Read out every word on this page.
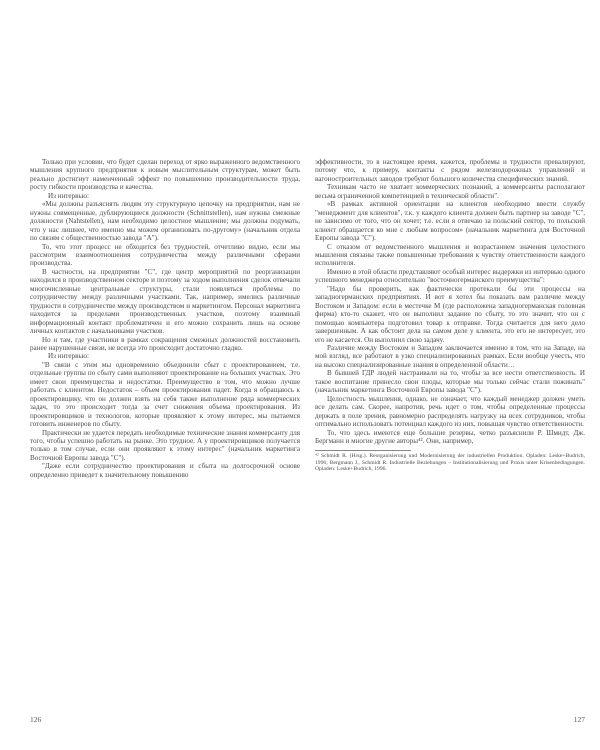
Только при условии, что будет сделан переход от ярко выраженного ведомственного мышления крупного предприятия к новым мыслительным структурам, может быть реально достигнут наменченный эффект по повышению производительности труда, росту гибкости производства и качества.

Из интервью:

«Мы должны разъяснять людям эту структурную цепочку на предприятии, нам не нужны совмещенные, дублирующиеся должности (Schnittstellen), нам нужны смежные должности (Nahtstellen), нам необходимо целостное мышление; мы должны подумать, что у нас лишнее, что именно мы можем организовать по-другому» (начальник отдела по связям с общественностью завода "А").

То, что этот процесс не обходится без трудностей, отчетливо видно, если мы рассмотрим взаимоотношения сотрудничества между различными сферами производства.

В частности, на предприятии "С", где центр мероприятий по реорганизации находился в производственном секторе и поэтому за ходом выполнения сделок отвечали многочисленные центральные структуры, стали появляться проблемы по сотрудничеству между различными участками. Так, например, имелись различные трудности в сотрудничестве между производством и маркетингом. Персонал маркетинга находится за пределами производственных участков, поэтому взаимный информационный контакт проблематичен и его можно сохранить лишь на основе личных контактов с начальниками участков.

Но и там, где участники в рамках сокращения смежных должностей восстановить ранее нарушенные связи, не всегда это происходит достаточно гладко.

Из интервью:

"В связи с этим мы одновременно объединили сбыт с проектированием, т.е. отдельные группы по сбыту сами выполняют проектирование на больших участках. Это имеет свои преимущества и недостатки. Преимущество в том, что можно лучше работать с клиентом. Недостаток – объем проектирования падет. Когда я обращаюсь к проектировщику, что он должен взять на себя также выполнение ряда коммерческих задач, то это происходит тогда за счет снижения объема проектирования. Из проектировщиков и технологов, которые проявляют к этому интерес, мы пытаемся готовить инженеров по сбыту.

Практически не удается передать необходимые технические знания коммерсанту для того, чтобы успешно работать на рынке. Это трудное. А у проектировщиков получается только в том случае, если они проявляют к этому интерес" (начальник маркетинга Восточной Европы завода "С").

"Даже если сотрудничество проектирования и сбыта на долгосрочной основе определенно приведет к значительному повышению

126

эффективности, то в настоящее время, кажется, проблемы и трудности превалируют, потому что, к примеру, контакты с рядом железнодорожных управлений и вагоностроительных заводов требуют большого количества специфических знаний.

Техникам часто не хватает коммерческих познаний, а коммерсанты располагают весьма ограниченной компетенцией в технической области".

«В рамках активной ориентации на клиентов необходимо ввести службу "менеджмент для клиентов", т.к. у каждого клиента должен быть партнер на заводе "С", не зависимо от того, что он хочет; т.е. если я отвечаю за польский сектор, то польский клиент обращается ко мне с любым вопросом» (начальник маркетинга для Восточной Европы завода "С").

С отказом от ведомственного мышления и возрастанием значения целостного мышления связаны также повышенные требования к чувству ответственности каждого исполнителя.

Именно в этой области представляют особый интерес выдержки из интервью одного успешного менеджера относительно "восточногерманского преимущества":

"Надо бы проверить, как фактически протекали бы эти процессы на западногерманских предприятиях. И вот я хотел бы показать вам различие между Востоком и Западом: если в местечке М (где расположена западногерманская головная фирма) кто-то скажет, что он выполнил задание по сбыту, то это значит, что он с помощью компьютера подготовил товар к отправке. Тогда считается для него дело завершенным. А как обстоит дела на самом деле у клиента, это его не интересует, это его не касается. Он выполнил свою задачу.

Различие между Востоком и Западом заключается именно в том, что на Западе, на мой взгляд, все работают в узко специализированных рамках. Если вообще учесть, что на высоко специализированные знания в определенной области…

В бывшей ГДР людей настраивали на то, чтобы за все нести ответственность. И такое воспитание принесло свои плоды, которые мы только сейчас стали пожинать" (начальник маркетинга Восточной Европы завода "С").

Целостность мышления, однако, не означает, что каждый менеджер должен уметь все делать сам. Скорее, напротив, речь идет о том, чтобы определенные процессы держать в поле зрения, равномерно распределять нагрузку на всех сотрудников, чтобы оптимально использовать потенциал каждого из них, повышая чувство ответственности.

То, что здесь имеются еще большие резервы, четко разъяснили Р. Шмидт, Дж. Бергманн и многие другие авторы⁴². Они, например,

⁴² Schmidt R. (Hrsg.). Reorganisierung und Modernisierung der industriellen Produktion. Opladen: Leske+Budrich, 1996; Bergmann J., Schmidt R. Industrielle Beziehungen – Institutionalisierung und Praxis unter Krisenbedingungen. Opladen: Leske+Budrich, 1996.
127
